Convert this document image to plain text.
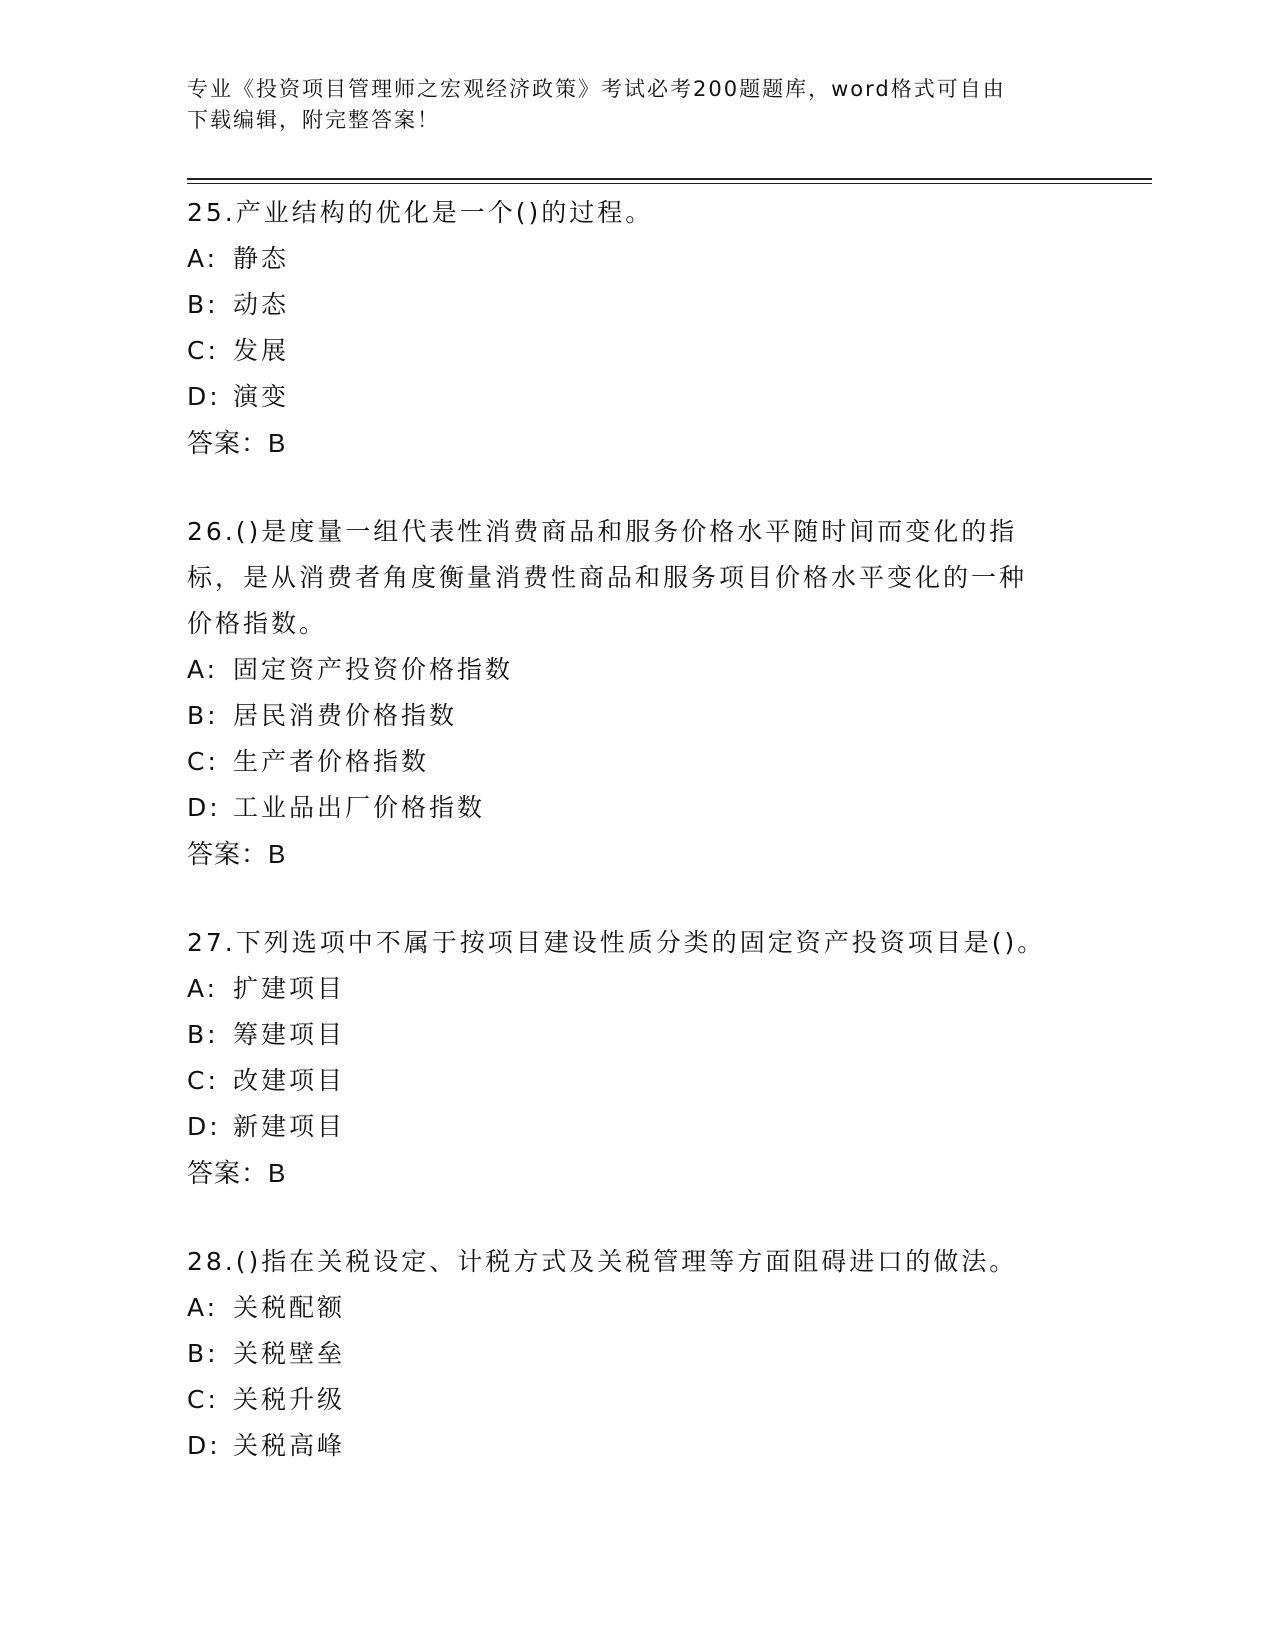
专业《投资项目管理师之宏观经济政策》考试必考200题题库，word格式可自由
下载编辑，附完整答案！
25.产业结构的优化是一个()的过程。
A: 静态
B: 动态
C: 发展
D: 演变
答案：B
26.()是度量一组代表性消费商品和服务价格水平随时间而变化的指标，是从消费者角度衡量消费性商品和服务项目价格水平变化的一种价格指数。
A: 固定资产投资价格指数
B: 居民消费价格指数
C: 生产者价格指数
D: 工业品出厂价格指数
答案：B
27.下列选项中不属于按项目建设性质分类的固定资产投资项目是()。
A: 扩建项目
B: 筹建项目
C: 改建项目
D: 新建项目
答案：B
28.()指在关税设定、计税方式及关税管理等方面阻碍进口的做法。
A: 关税配额
B: 关税壁垒
C: 关税升级
D: 关税高峰
